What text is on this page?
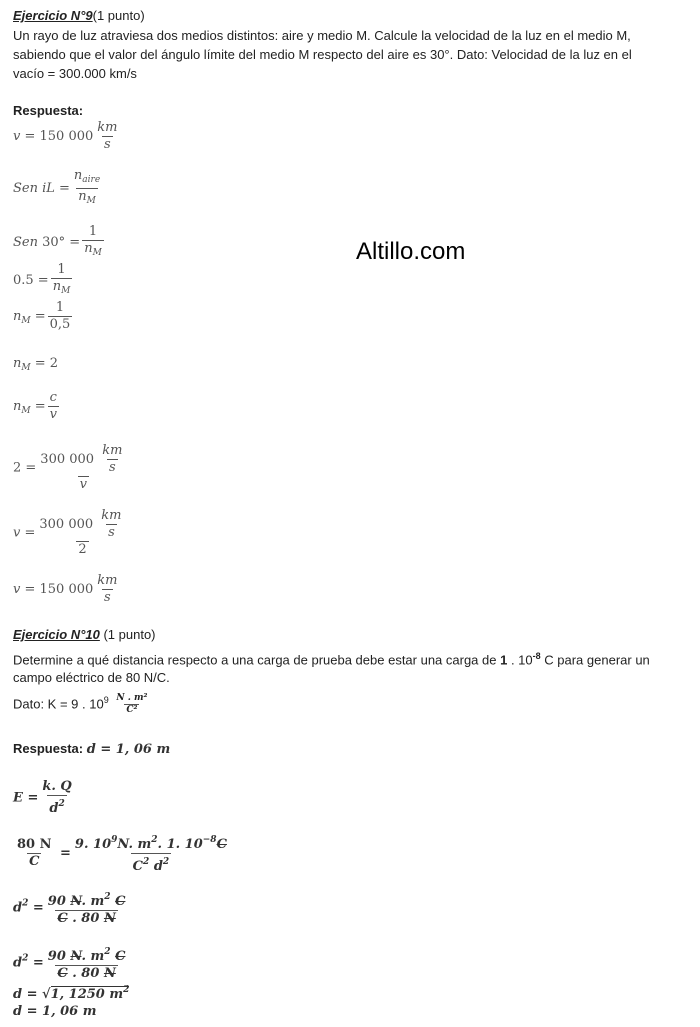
Ejercicio N°9(1 punto)
Un rayo de luz atraviesa dos medios distintos: aire y medio M. Calcule la velocidad de la luz en el medio M,
sabiendo que el valor del ángulo límite del medio M respecto del aire es 30°. Dato: Velocidad de la luz en el
vacío = 300.000 km/s
Respuesta:
v = 150 $000 \frac{km}{s}$
Sen iL = $\frac{n_{aire}}{n_M}$
Sen $30^\circ = \frac{1}{n_M}$
$0.5 = \frac{1}{n_M}$
$n_M = \frac{1}{0,5}$
$n_M = 2$
$n_M = \frac{c}{v}$
$2 = \frac{300 000 \frac{km}{s}}{v}$
$v = \frac{300 000 \frac{km}{s}}{2}$
v = 150 $000 \frac{km}{s}$
Altillo.com
Ejercicio N°10 (1 punto)
Determine a qué distancia respecto a una carga de prueba debe estar una carga de 1 . $10^{-8}$ C para generar un
campo eléctrico de 80 N/C.
Dato: K = 9 . $10^9 \frac{\text{N . m²}}{\text{C²}}$
Respuesta: d = 1, 06 m
$E = \frac{k. Q}{d^2}$
$\frac{80 N}{C} = \frac{9. 10^9N. m^2. 1. 10^{-8}C}{C^2 d^2}$
$d^2 = \frac{90 N. m^2 C}{C . 80 N}$
$d^2 = \frac{90 N. m^2 C}{C . 80 N}$
d = √1, 1250 $m^2$
d = 1, 06 m
